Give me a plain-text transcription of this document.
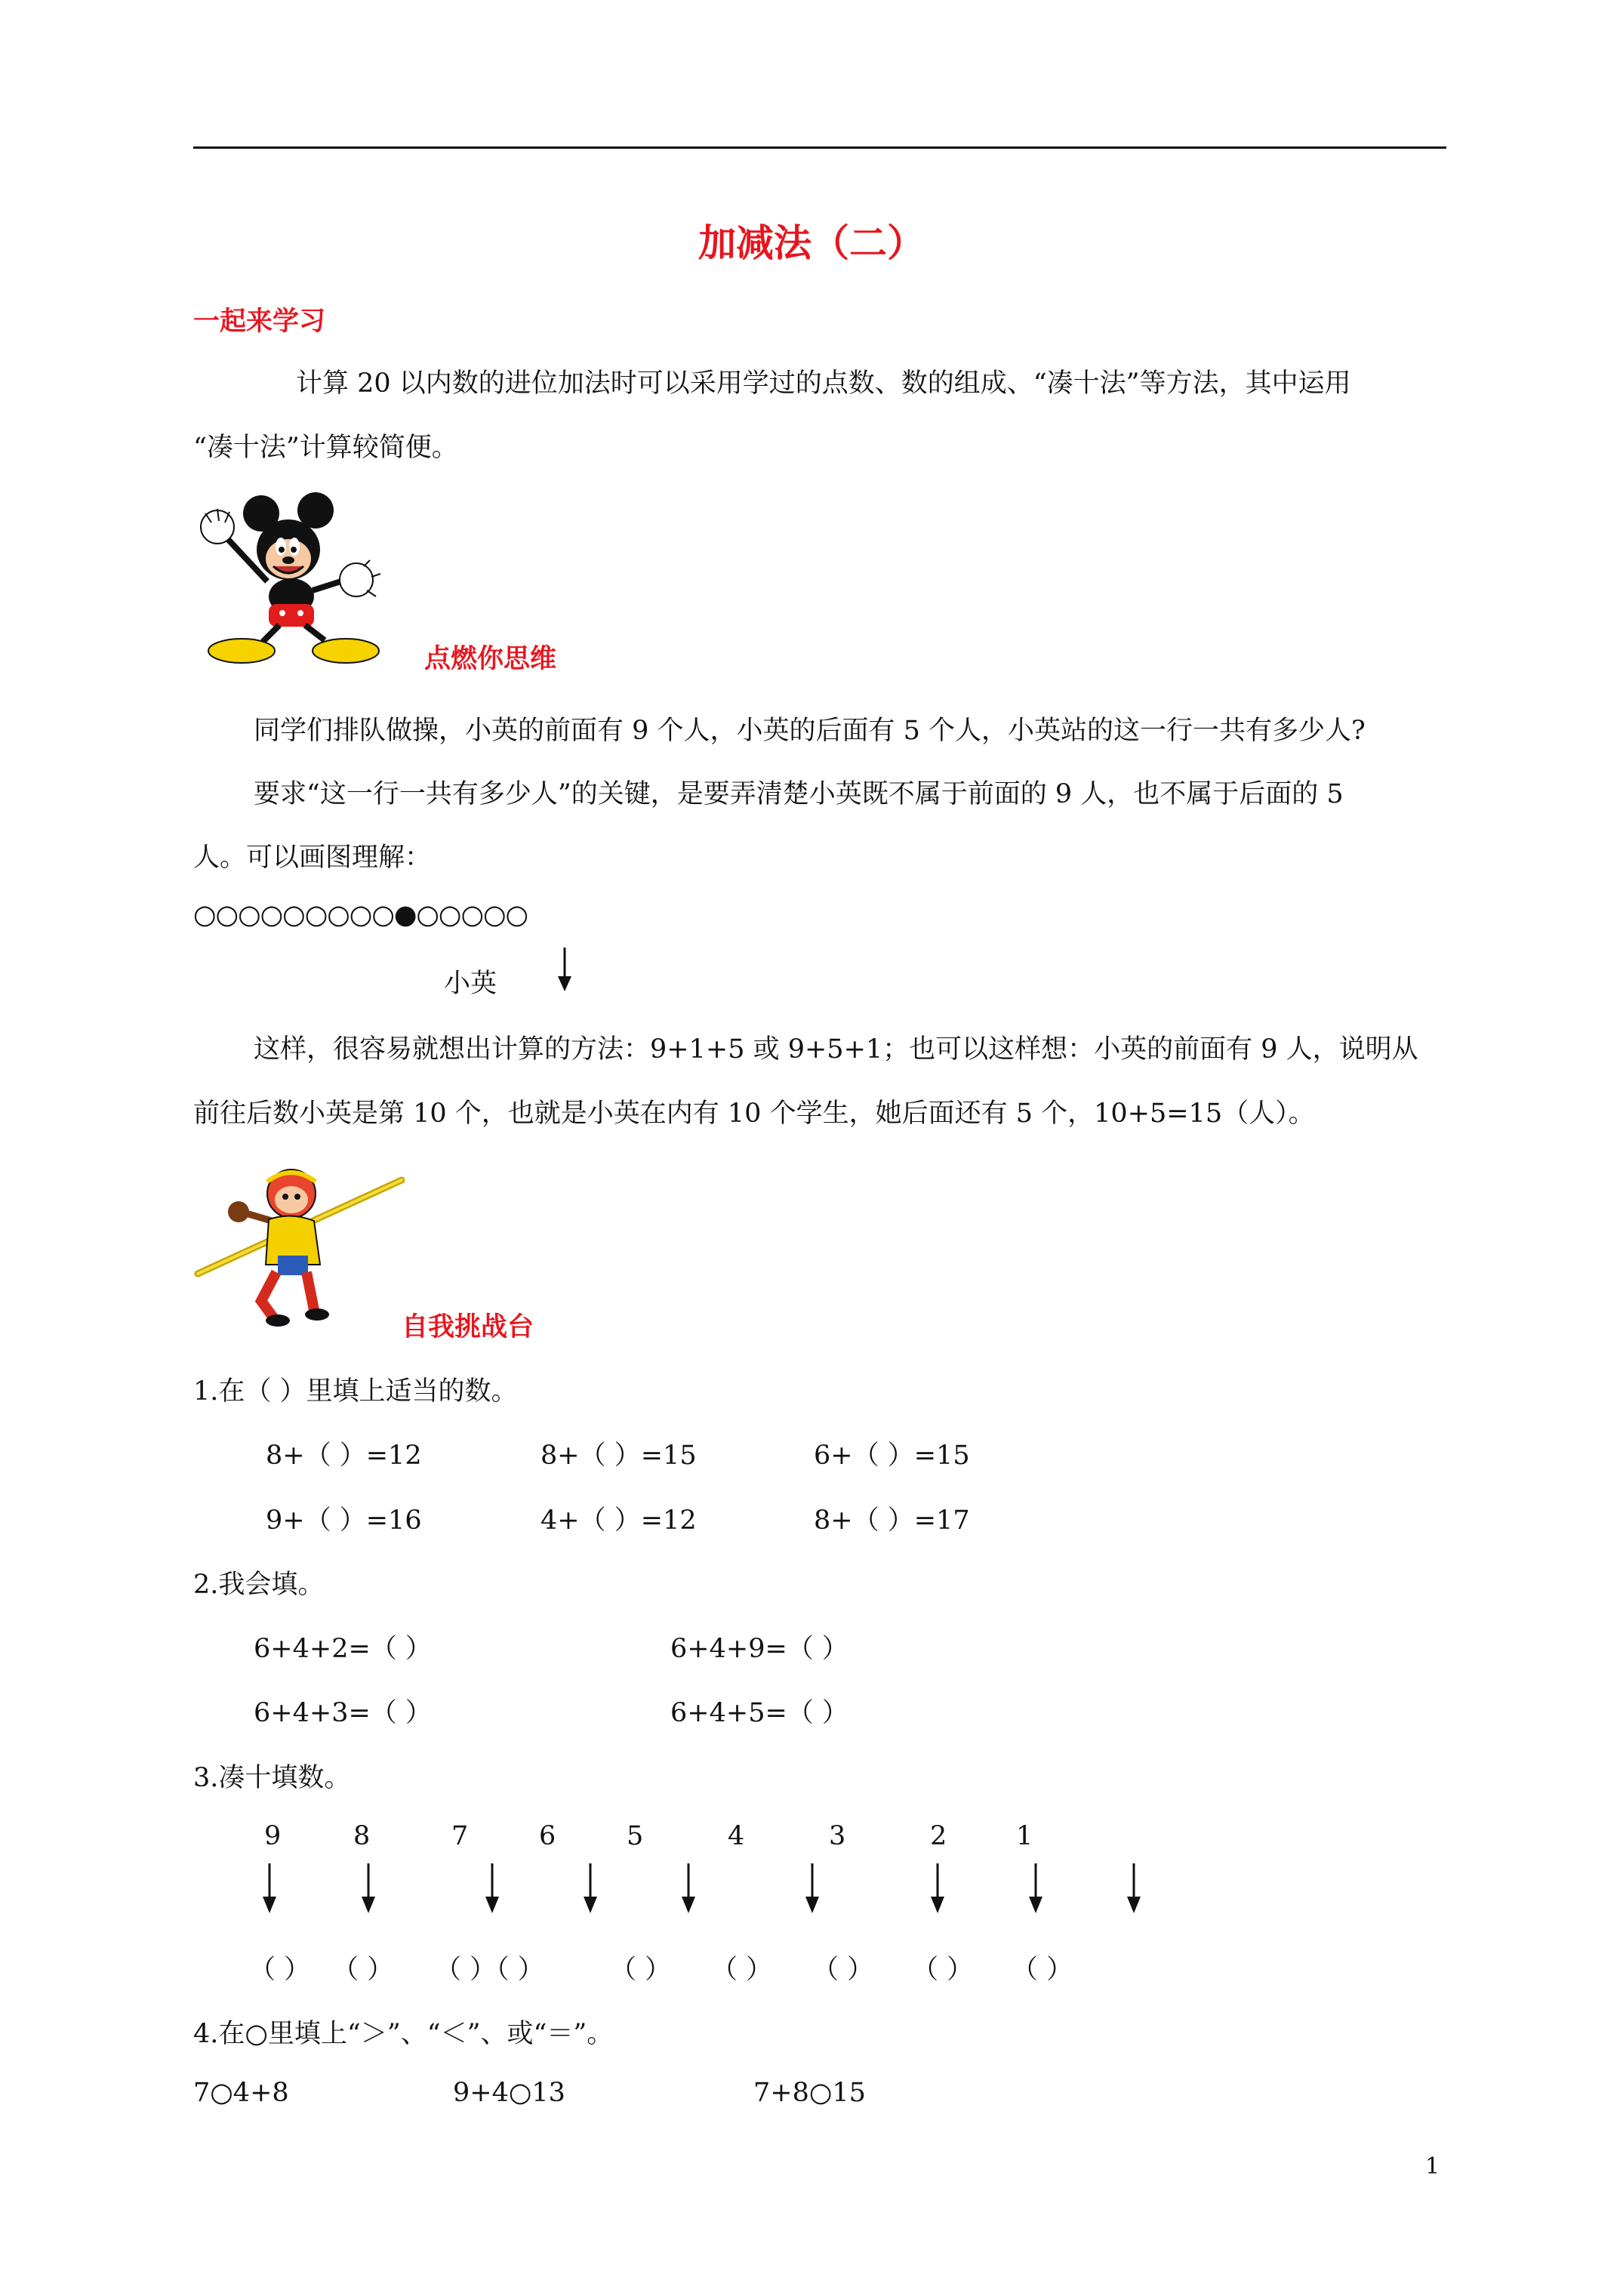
加减法（二）
一起来学习
计算 20 以内数的进位加法时可以采用学过的点数、数的组成、“凑十法”等方法，其中运用
“凑十法”计算较简便。
点燃你思维
同学们排队做操，小英的前面有 9 个人，小英的后面有 5 个人，小英站的这一行一共有多少人?
要求“这一行一共有多少人”的关键，是要弄清楚小英既不属于前面的 9 人，也不属于后面的 5
人。可以画图理解：
○○○○○○○○○●○○○○○
小英
这样，很容易就想出计算的方法：9+1+5 或 9+5+1；也可以这样想：小英的前面有 9 人，说明从
前往后数小英是第 10 个，也就是小英在内有 10 个学生，她后面还有 5 个，10+5=15（人）。
自我挑战台
1.在（ ）里填上适当的数。
8+（ ）=12	8+（ ）=15	6+（ ）=15
9+（ ）=16	4+（ ）=12	8+（ ）=17
2.我会填。
6+4+2=（ ）	6+4+9=（ ）
6+4+3=（ ）	6+4+5=（ ）
3.凑十填数。
9	8	7	6	5	4	3	2	1
（ ） （ ） （ ）（ ） （ ） （ ） （ ） （ ） （ ）
4.在○里填上“＞”、“＜”、或“＝”。
7○4+8	9+4○13	7+8○15
1
